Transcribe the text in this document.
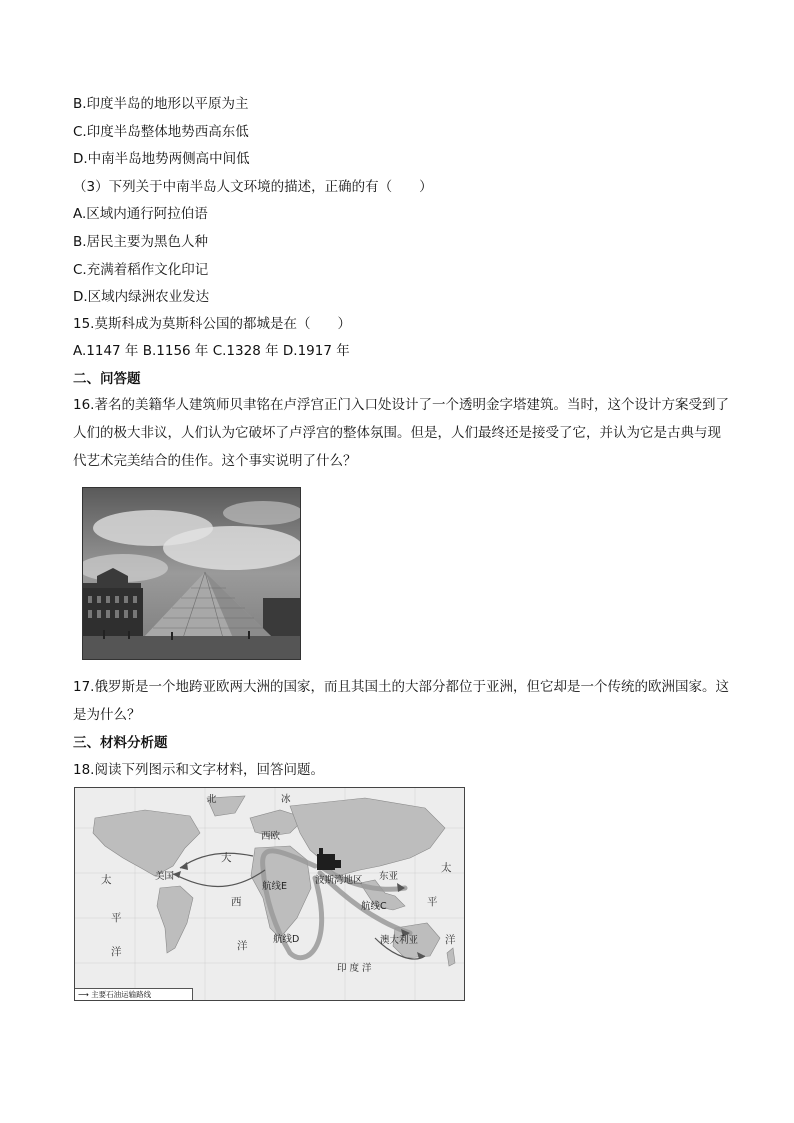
B.印度半岛的地形以平原为主
C.印度半岛整体地势西高东低
D.中南半岛地势两侧高中间低
（3）下列关于中南半岛人文环境的描述，正确的有（　　）
A.区域内通行阿拉伯语
B.居民主要为黑色人种
C.充满着稻作文化印记
D.区域内绿洲农业发达
15.莫斯科成为莫斯科公国的都城是在（　　）
A.1147 年 B.1156 年 C.1328 年 D.1917 年
二、问答题
16.著名的美籍华人建筑师贝聿铭在卢浮宫正门入口处设计了一个透明金字塔建筑。当时，这个设计方案受到了人们的极大非议，人们认为它破坏了卢浮宫的整体氛围。但是，人们最终还是接受了它，并认为它是古典与现代艺术完美结合的佳作。这个事实说明了什么？
17.俄罗斯是一个地跨亚欧两大洲的国家，而且其国土的大部分都位于亚洲，但它却是一个传统的欧洲国家。这是为什么？
三、材料分析题
18.阅读下列图示和文字材料，回答问题。
北	冰
西欧
美国
大
西
洋
航线E
波斯湾地区 东亚
航线C
航线D	澳大利亚
印 度 洋
太
平
洋
太
平
洋
⟶ 主要石油运输路线
